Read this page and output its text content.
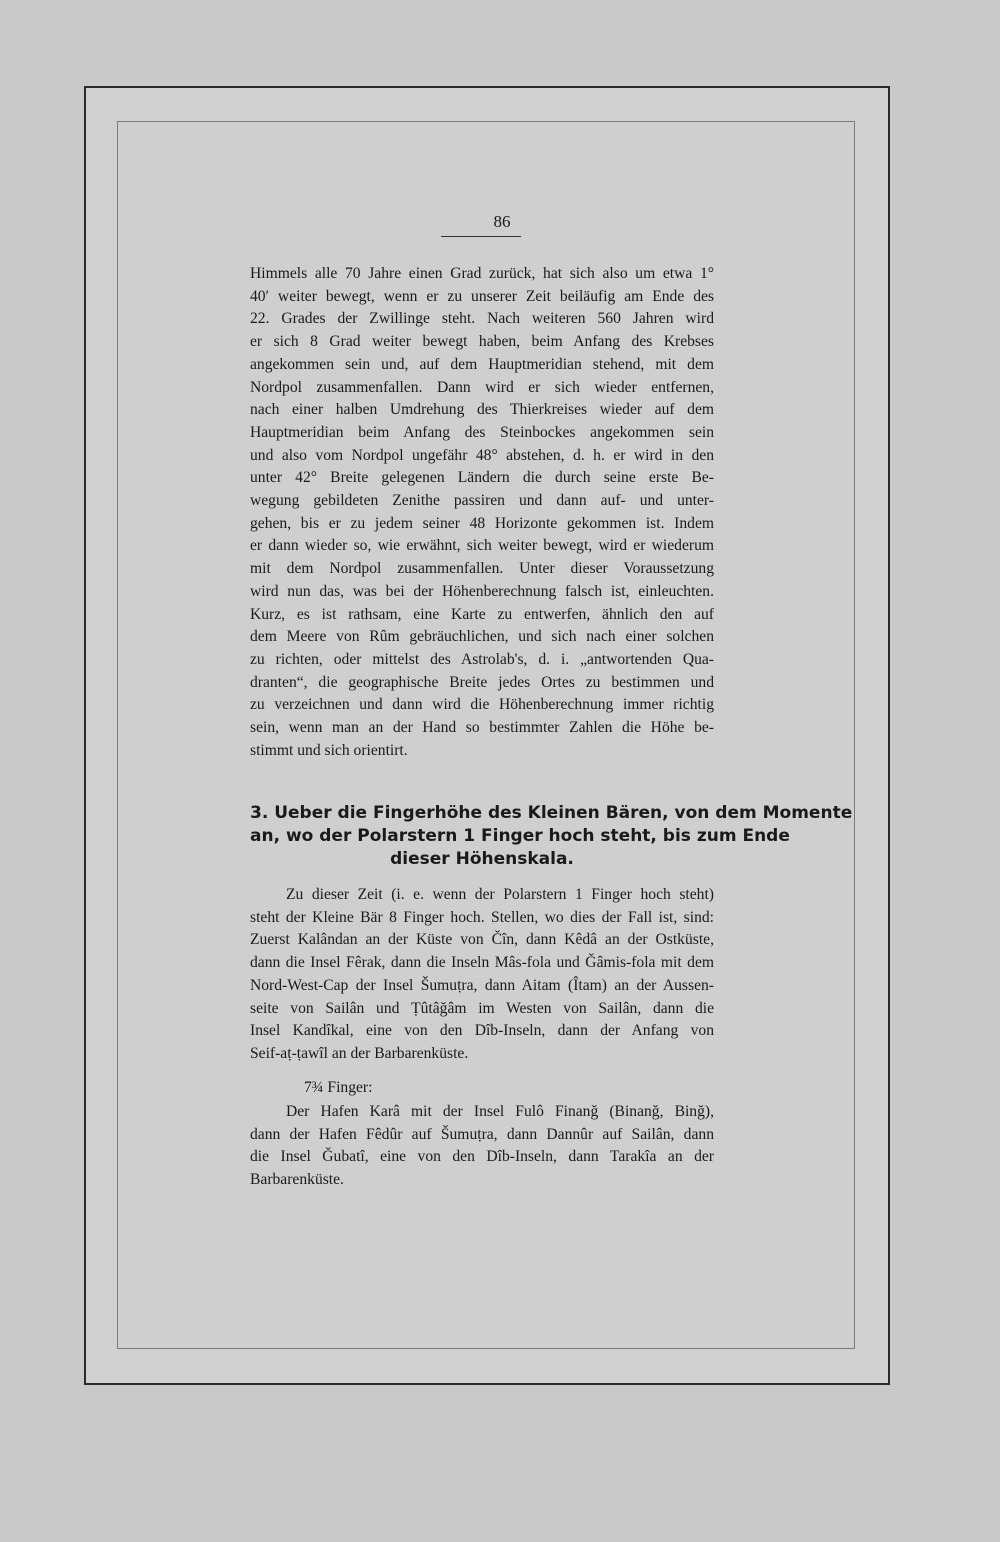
86
Himmels alle 70 Jahre einen Grad zurück, hat sich also um etwa 1°
40′ weiter bewegt, wenn er zu unserer Zeit beiläufig am Ende des
22. Grades der Zwillinge steht. Nach weiteren 560 Jahren wird
er sich 8 Grad weiter bewegt haben, beim Anfang des Krebses
angekommen sein und, auf dem Hauptmeridian stehend, mit dem
Nordpol zusammenfallen. Dann wird er sich wieder entfernen,
nach einer halben Umdrehung des Thierkreises wieder auf dem
Hauptmeridian beim Anfang des Steinbockes angekommen sein
und also vom Nordpol ungefähr 48° abstehen, d. h. er wird in den
unter 42° Breite gelegenen Ländern die durch seine erste Be-
wegung gebildeten Zenithe passiren und dann auf- und unter-
gehen, bis er zu jedem seiner 48 Horizonte gekommen ist. Indem
er dann wieder so, wie erwähnt, sich weiter bewegt, wird er wiederum
mit dem Nordpol zusammenfallen. Unter dieser Voraussetzung
wird nun das, was bei der Höhenberechnung falsch ist, einleuchten.
Kurz, es ist rathsam, eine Karte zu entwerfen, ähnlich den auf
dem Meere von Rûm gebräuchlichen, und sich nach einer solchen
zu richten, oder mittelst des Astrolab's, d. i. „antwortenden Qua-
dranten“, die geographische Breite jedes Ortes zu bestimmen und
zu verzeichnen und dann wird die Höhenberechnung immer richtig
sein, wenn man an der Hand so bestimmter Zahlen die Höhe be-
stimmt und sich orientirt.
3. Ueber die Fingerhöhe des Kleinen Bären, von dem Momente
an, wo der Polarstern 1 Finger hoch steht, bis zum Ende
dieser Höhenskala.
Zu dieser Zeit (i. e. wenn der Polarstern 1 Finger hoch steht)
steht der Kleine Bär 8 Finger hoch. Stellen, wo dies der Fall ist, sind:
Zuerst Kalândan an der Küste von Čîn, dann Kêdâ an der Ostküste,
dann die Insel Fêrak, dann die Inseln Mâs-fola und Ǧâmis-fola mit dem
Nord-West-Cap der Insel Šumuṭra, dann Aitam (Îtam) an der Aussen-
seite von Sailân und Ṭûtâǧâm im Westen von Sailân, dann die
Insel Kandîkal, eine von den Dîb-Inseln, dann der Anfang von
Seif-aṭ-ṭawîl an der Barbarenküste.
7¾ Finger:
Der Hafen Karâ mit der Insel Fulô Finanǧ (Binanǧ, Binǧ),
dann der Hafen Fêdûr auf Šumuṭra, dann Dannûr auf Sailân, dann
die Insel Ǧubatî, eine von den Dîb-Inseln, dann Tarakîa an der
Barbarenküste.
